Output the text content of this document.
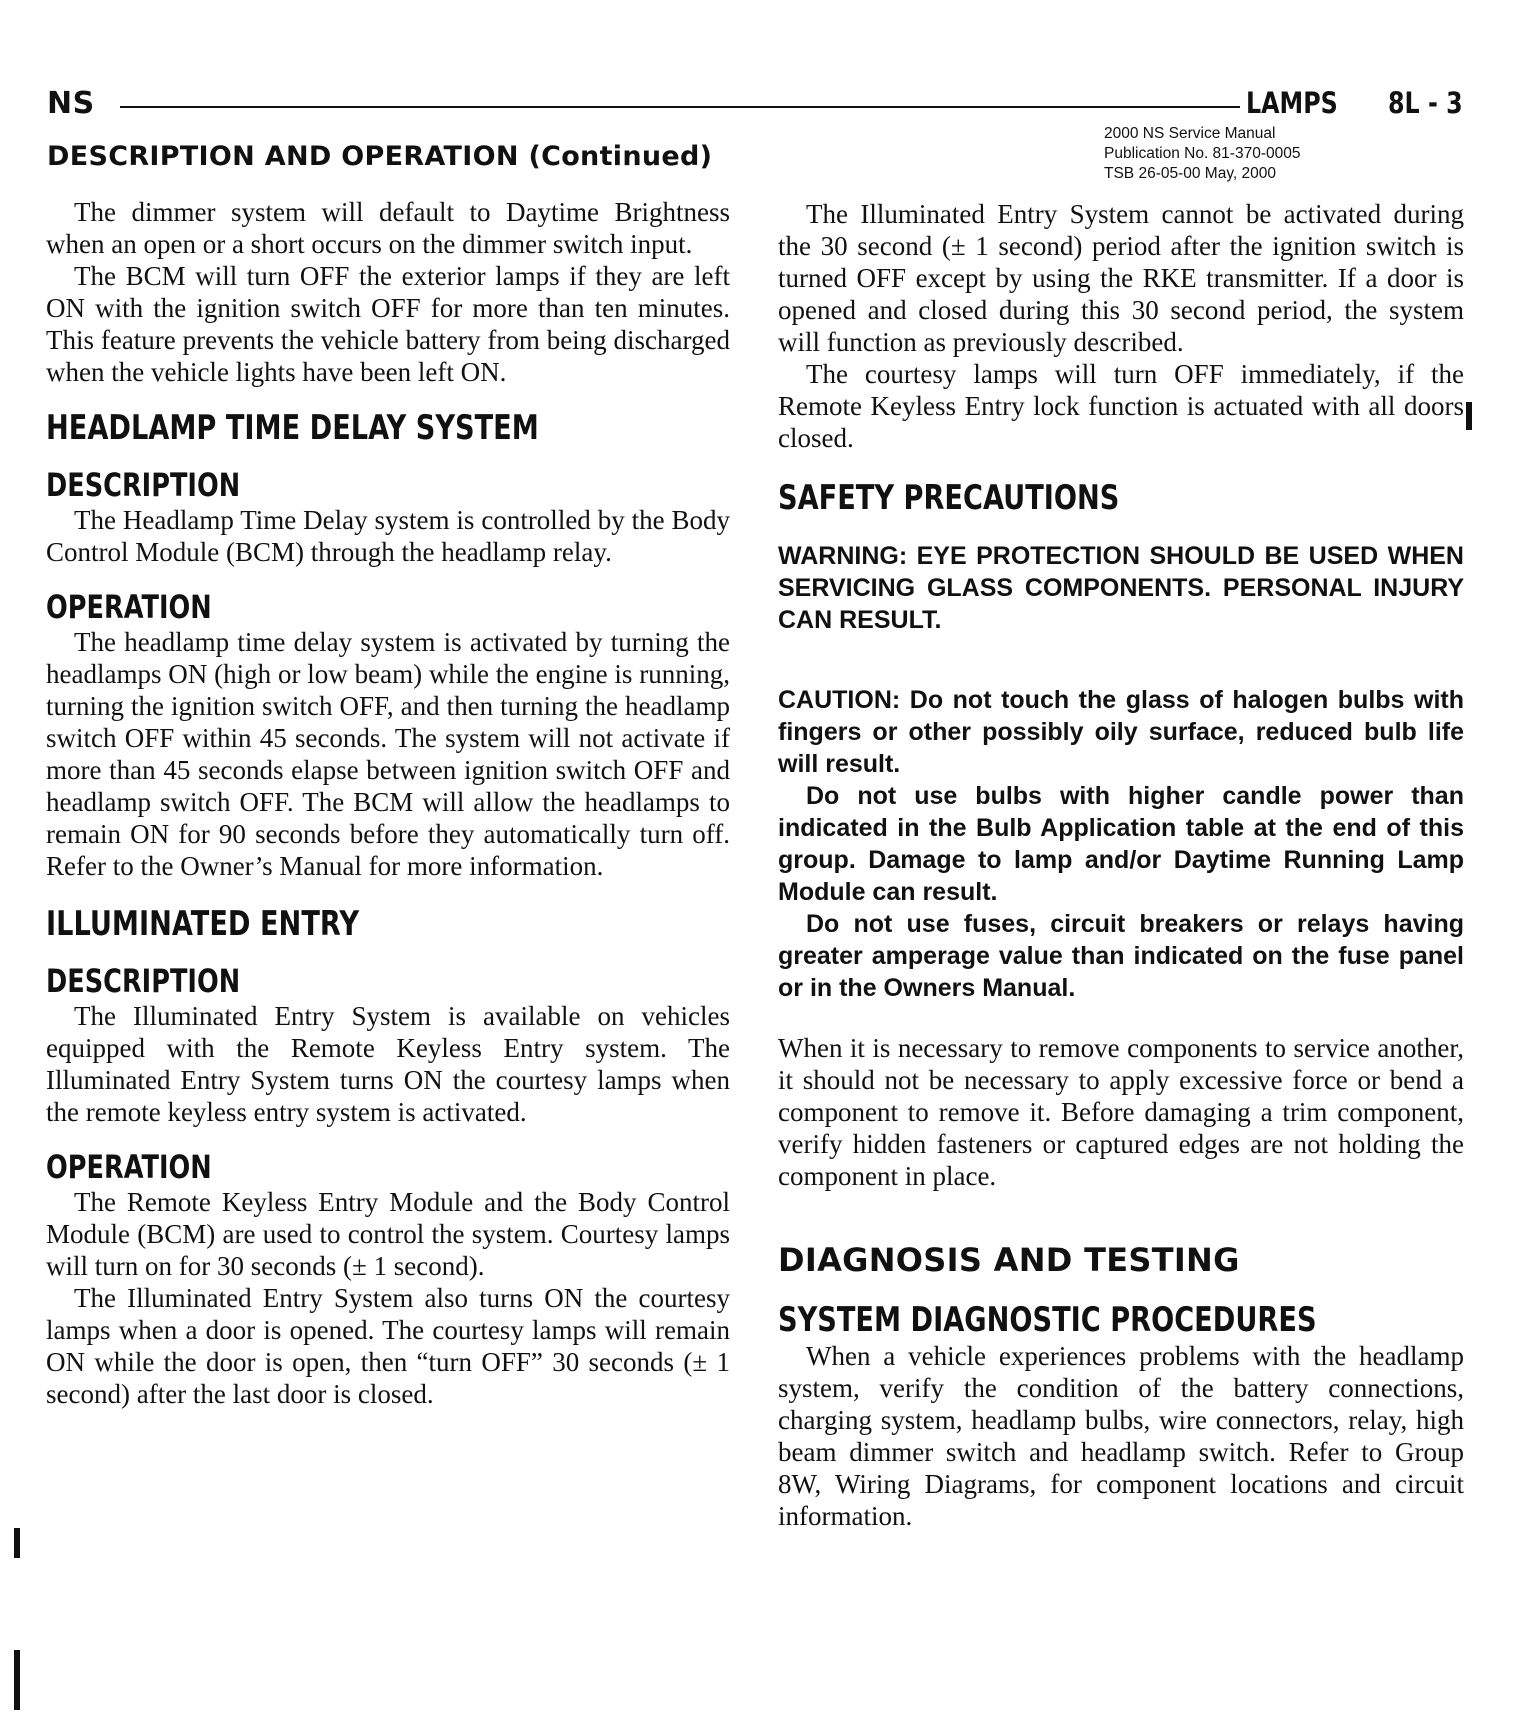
NS	LAMPS 8L - 3
2000 NS Service Manual
Publication No. 81-370-0005
TSB 26-05-00 May, 2000
DESCRIPTION AND OPERATION (Continued)

The dimmer system will default to Daytime Brightness when an open or a short occurs on the dimmer switch input.

The BCM will turn OFF the exterior lamps if they are left ON with the ignition switch OFF for more than ten minutes. This feature prevents the vehicle battery from being discharged when the vehicle lights have been left ON.

HEADLAMP TIME DELAY SYSTEM
DESCRIPTION

The Headlamp Time Delay system is controlled by the Body Control Module (BCM) through the headlamp relay.

OPERATION

The headlamp time delay system is activated by turning the headlamps ON (high or low beam) while the engine is running, turning the ignition switch OFF, and then turning the headlamp switch OFF within 45 seconds. The system will not activate if more than 45 seconds elapse between ignition switch OFF and headlamp switch OFF. The BCM will allow the headlamps to remain ON for 90 seconds before they automatically turn off. Refer to the Owner’s Manual for more information.

ILLUMINATED ENTRY
DESCRIPTION

The Illuminated Entry System is available on vehicles equipped with the Remote Keyless Entry system. The Illuminated Entry System turns ON the courtesy lamps when the remote keyless entry system is activated.

OPERATION

The Remote Keyless Entry Module and the Body Control Module (BCM) are used to control the system. Courtesy lamps will turn on for 30 seconds (± 1 second).

The Illuminated Entry System also turns ON the courtesy lamps when a door is opened. The courtesy lamps will remain ON while the door is open, then “turn OFF” 30 seconds (± 1 second) after the last door is closed.

The Illuminated Entry System cannot be activated during the 30 second (± 1 second) period after the ignition switch is turned OFF except by using the RKE transmitter. If a door is opened and closed during this 30 second period, the system will function as previously described.

The courtesy lamps will turn OFF immediately, if the Remote Keyless Entry lock function is actuated with all doors closed.

SAFETY PRECAUTIONS

WARNING: EYE PROTECTION SHOULD BE USED WHEN SERVICING GLASS COMPONENTS. PERSONAL INJURY CAN RESULT.

CAUTION: Do not touch the glass of halogen bulbs with fingers or other possibly oily surface, reduced bulb life will result.

Do not use bulbs with higher candle power than indicated in the Bulb Application table at the end of this group. Damage to lamp and/or Daytime Running Lamp Module can result.

Do not use fuses, circuit breakers or relays having greater amperage value than indicated on the fuse panel or in the Owners Manual.

When it is necessary to remove components to service another, it should not be necessary to apply excessive force or bend a component to remove it. Before damaging a trim component, verify hidden fasteners or captured edges are not holding the component in place.

DIAGNOSIS AND TESTING
SYSTEM DIAGNOSTIC PROCEDURES

When a vehicle experiences problems with the headlamp system, verify the condition of the battery connections, charging system, headlamp bulbs, wire connectors, relay, high beam dimmer switch and headlamp switch. Refer to Group 8W, Wiring Diagrams, for component locations and circuit information.
